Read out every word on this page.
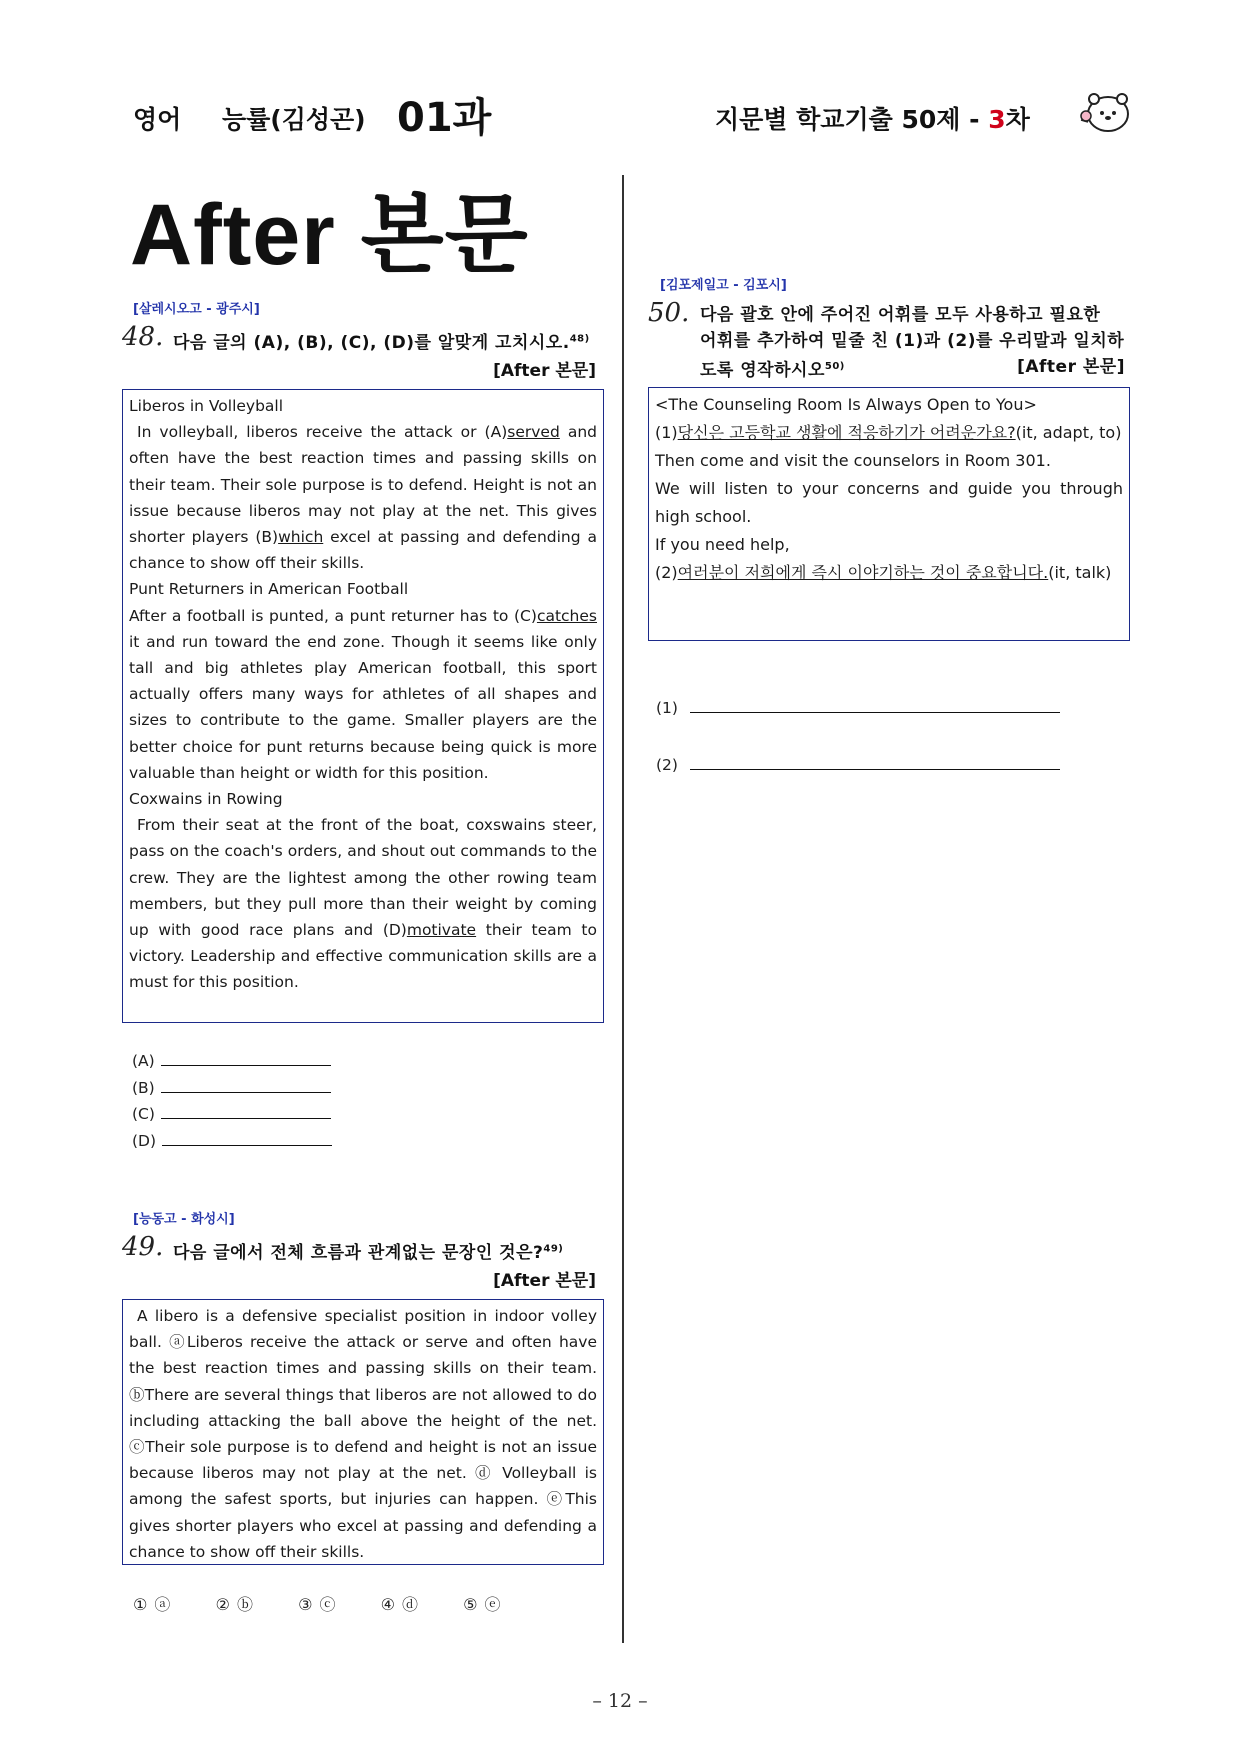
영어 능률(김성곤) 01과	지문별 학교기출 50제 - 3차
After 본문
[살레시오고 - 광주시]
48. 다음 글의 (A), (B), (C), (D)를 알맞게 고치시오.$^{48)}$
[After 본문]

Liberos in Volleyball

In volleyball, liberos receive the attack or (A)served and often have the best reaction times and passing skills on their team. Their sole purpose is to defend. Height is not an issue because liberos may not play at the net. This gives shorter players (B)which excel at passing and defending a chance to show off their skills.

Punt Returners in American Football

After a football is punted, a punt returner has to (C)catches it and run toward the end zone. Though it seems like only tall and big athletes play American football, this sport actually offers many ways for athletes of all shapes and sizes to contribute to the game. Smaller players are the better choice for punt returns because being quick is more valuable than height or width for this position.

Coxwains in Rowing

From their seat at the front of the boat, coxswains steer, pass on the coach's orders, and shout out commands to the crew. They are the lightest among the other rowing team members, but they pull more than their weight by coming up with good race plans and (D)motivate their team to victory. Leadership and effective communication skills are a must for this position.

(A)
(B)
(C)
(D)
[능동고 - 화성시]
49. 다음 글에서 전체 흐름과 관계없는 문장인 것은?$^{49)}$
[After 본문]

A libero is a defensive specialist position in indoor volley ball. ⓐLiberos receive the attack or serve and often have the best reaction times and passing skills on their team. ⓑThere are several things that liberos are not allowed to do including attacking the ball above the height of the net. ⓒTheir sole purpose is to defend and height is not an issue because liberos may not play at the net. ⓓ Volleyball is among the safest sports, but injuries can happen. ⓔThis gives shorter players who excel at passing and defending a chance to show off their skills.

① ⓐ	② ⓑ	③ ⓒ	④ ⓓ	⑤ ⓔ
[김포제일고 - 김포시]
50. 다음 괄호 안에 주어진 어휘를 모두 사용하고 필요한
어휘를 추가하여 밑줄 친 (1)과 (2)를 우리말과 일치하
도록 영작하시오$^{50)}$	[After 본문]

<The Counseling Room Is Always Open to You>

(1)당신은 고등학교 생활에 적응하기가 어려운가요?(it, adapt, to)

Then come and visit the counselors in Room 301.

We will listen to your concerns and guide you through high school.

If you need help,

(2)여러분이 저희에게 즉시 이야기하는 것이 중요합니다.(it, talk)

(1)
(2)
– 12 –
